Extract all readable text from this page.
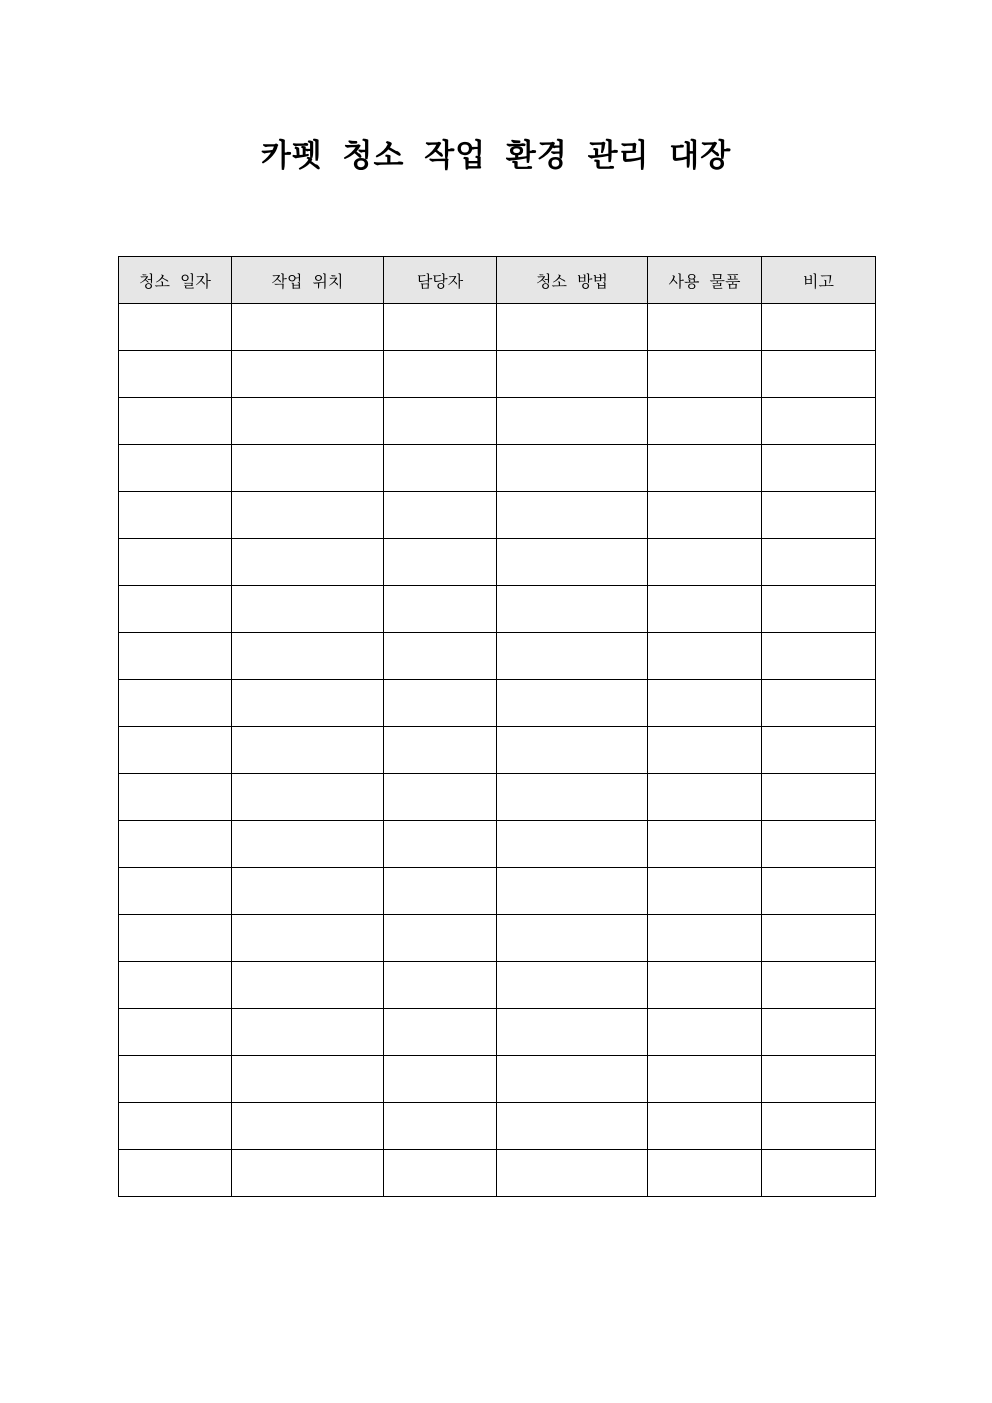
카펫 청소 작업 환경 관리 대장
청소 일자	작업 위치	담당자	청소 방법	사용 물품	비고
